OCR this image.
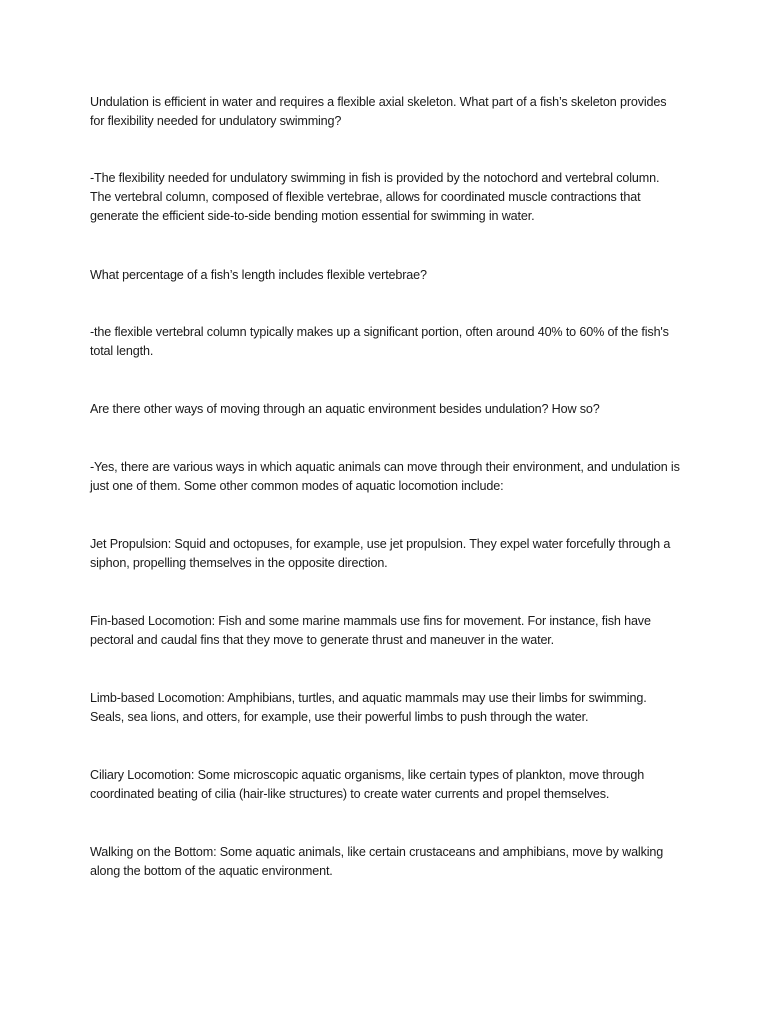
Undulation is efficient in water and requires a flexible axial skeleton. What part of a fish’s skeleton provides for flexibility needed for undulatory swimming?

-The flexibility needed for undulatory swimming in fish is provided by the notochord and vertebral column. The vertebral column, composed of flexible vertebrae, allows for coordinated muscle contractions that generate the efficient side-to-side bending motion essential for swimming in water.

What percentage of a fish’s length includes flexible vertebrae?

-the flexible vertebral column typically makes up a significant portion, often around 40% to 60% of the fish's total length.

Are there other ways of moving through an aquatic environment besides undulation? How so?

-Yes, there are various ways in which aquatic animals can move through their environment, and undulation is just one of them. Some other common modes of aquatic locomotion include:

Jet Propulsion: Squid and octopuses, for example, use jet propulsion. They expel water forcefully through a siphon, propelling themselves in the opposite direction.

Fin-based Locomotion: Fish and some marine mammals use fins for movement. For instance, fish have pectoral and caudal fins that they move to generate thrust and maneuver in the water.

Limb-based Locomotion: Amphibians, turtles, and aquatic mammals may use their limbs for swimming. Seals, sea lions, and otters, for example, use their powerful limbs to push through the water.

Ciliary Locomotion: Some microscopic aquatic organisms, like certain types of plankton, move through coordinated beating of cilia (hair-like structures) to create water currents and propel themselves.

Walking on the Bottom: Some aquatic animals, like certain crustaceans and amphibians, move by walking along the bottom of the aquatic environment.
